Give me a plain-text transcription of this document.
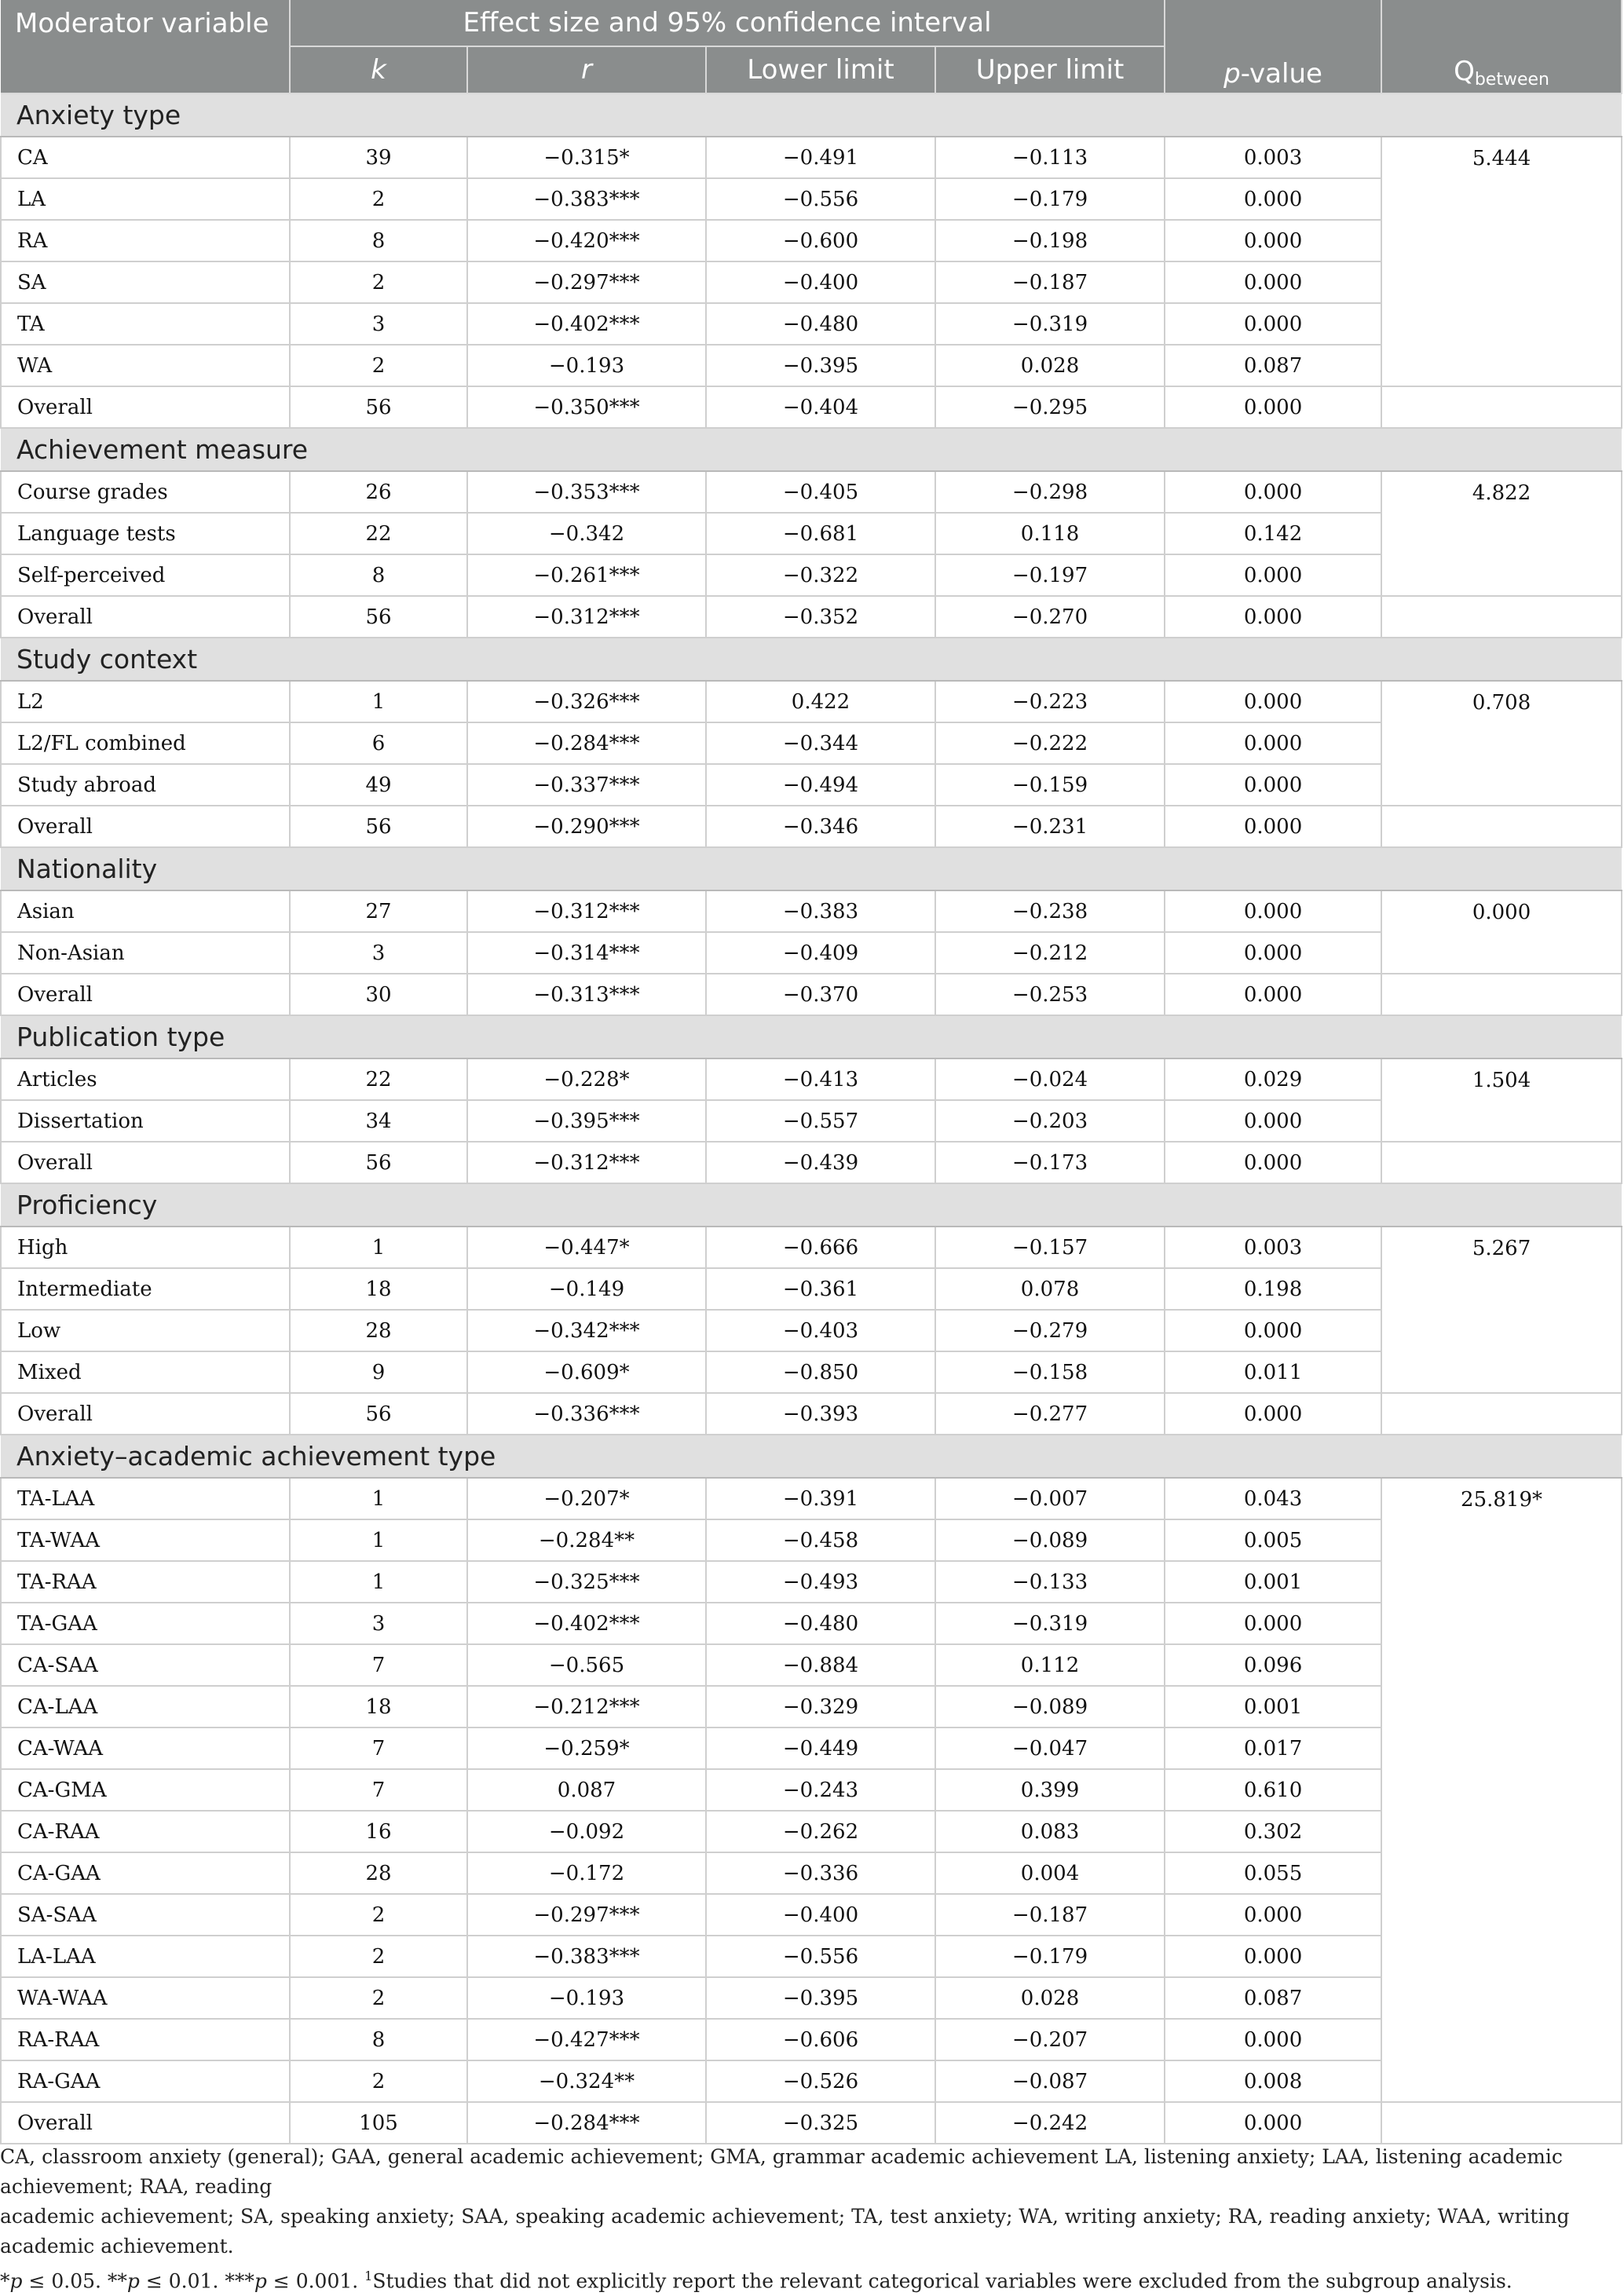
Moderator variable	Effect size and 95% confidence interval				p-value	Qbetween
	k	r	Lower limit	Upper limit		
Anxiety type						
CA	39	−0.315*	−0.491	−0.113	0.003	5.444
LA	2	−0.383***	−0.556	−0.179	0.000	
RA	8	−0.420***	−0.600	−0.198	0.000	
SA	2	−0.297***	−0.400	−0.187	0.000	
TA	3	−0.402***	−0.480	−0.319	0.000	
WA	2	−0.193	−0.395	0.028	0.087	
Overall	56	−0.350***	−0.404	−0.295	0.000	
Achievement measure						
Course grades	26	−0.353***	−0.405	−0.298	0.000	4.822
Language tests	22	−0.342	−0.681	0.118	0.142	
Self-perceived	8	−0.261***	−0.322	−0.197	0.000	
Overall	56	−0.312***	−0.352	−0.270	0.000	
Study context						
L2	1	−0.326***	0.422	−0.223	0.000	0.708
L2/FL combined	6	−0.284***	−0.344	−0.222	0.000	
Study abroad	49	−0.337***	−0.494	−0.159	0.000	
Overall	56	−0.290***	−0.346	−0.231	0.000	
Nationality						
Asian	27	−0.312***	−0.383	−0.238	0.000	0.000
Non-Asian	3	−0.314***	−0.409	−0.212	0.000	
Overall	30	−0.313***	−0.370	−0.253	0.000	
Publication type						
Articles	22	−0.228*	−0.413	−0.024	0.029	1.504
Dissertation	34	−0.395***	−0.557	−0.203	0.000	
Overall	56	−0.312***	−0.439	−0.173	0.000	
Proficiency						
High	1	−0.447*	−0.666	−0.157	0.003	5.267
Intermediate	18	−0.149	−0.361	0.078	0.198	
Low	28	−0.342***	−0.403	−0.279	0.000	
Mixed	9	−0.609*	−0.850	−0.158	0.011	
Overall	56	−0.336***	−0.393	−0.277	0.000	
Anxiety–academic achievement type						
TA-LAA	1	−0.207*	−0.391	−0.007	0.043	25.819*
TA-WAA	1	−0.284**	−0.458	−0.089	0.005	
TA-RAA	1	−0.325***	−0.493	−0.133	0.001	
TA-GAA	3	−0.402***	−0.480	−0.319	0.000	
CA-SAA	7	−0.565	−0.884	0.112	0.096	
CA-LAA	18	−0.212***	−0.329	−0.089	0.001	
CA-WAA	7	−0.259*	−0.449	−0.047	0.017	
CA-GMA	7	0.087	−0.243	0.399	0.610	
CA-RAA	16	−0.092	−0.262	0.083	0.302	
CA-GAA	28	−0.172	−0.336	0.004	0.055	
SA-SAA	2	−0.297***	−0.400	−0.187	0.000	
LA-LAA	2	−0.383***	−0.556	−0.179	0.000	
WA-WAA	2	−0.193	−0.395	0.028	0.087	
RA-RAA	8	−0.427***	−0.606	−0.207	0.000	
RA-GAA	2	−0.324**	−0.526	−0.087	0.008	
Overall	105	−0.284***	−0.325	−0.242	0.000	

CA, classroom anxiety (general); GAA, general academic achievement; GMA, grammar academic achievement LA, listening anxiety; LAA, listening academic achievement; RAA, reading

academic achievement; SA, speaking anxiety; SAA, speaking academic achievement; TA, test anxiety; WA, writing anxiety; RA, reading anxiety; WAA, writing academic achievement.

*p ≤ 0.05. **p ≤ 0.01. ***p ≤ 0.001. $^1$Studies that did not explicitly report the relevant categorical variables were excluded from the subgroup analysis.
